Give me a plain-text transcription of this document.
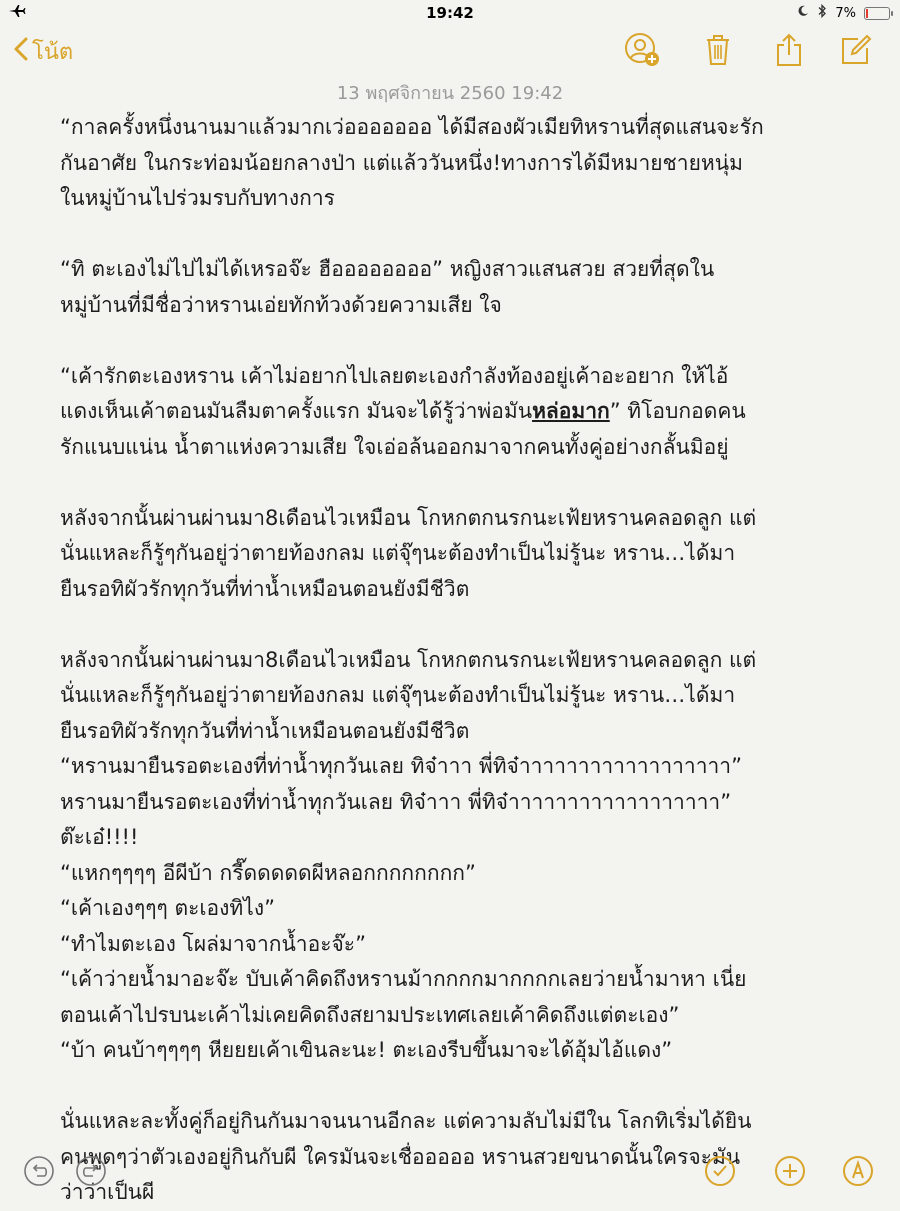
19:42	7%
โน้ต
13 พฤศจิกายน 2560 19:42

“กาลครั้งหนึ่งนานมาแล้วมากเว่อออออออ ได้มีสองผัวเมียทิหรานที่สุดแสนจะรัก

กันอาศัย ในกระท่อมน้อยกลางป่า แต่แล้ววันหนึ่ง!ทางการได้มีหมายชายหนุ่ม

ในหมู่บ้านไปร่วมรบกับทางการ

“ทิ ตะเองไม่ไปไม่ได้เหรอจ๊ะ ฮืออออออออ” หญิงสาวแสนสวย สวยที่สุดใน

หมู่บ้านที่มีชื่อว่าหรานเอ่ยทักท้วงด้วยความเสีย ใจ

“เค้ารักตะเองหราน เค้าไม่อยากไปเลยตะเองกำลังท้องอยู่เค้าอะอยาก ให้ไอ้

แดงเห็นเค้าตอนมันลืมตาครั้งแรก มันจะได้รู้ว่าพ่อมันหล่อมาก” ทิโอบกอดคน

รักแนบแน่น น้ำตาแห่งความเสีย ใจเอ่อล้นออกมาจากคนทั้งคู่อย่างกลั้นมิอยู่

หลังจากนั้นผ่านผ่านมา8เดือนไวเหมือน โกหกตกนรกนะเฟ้ยหรานคลอดลูก แต่

นั่นแหละก็รู้ๆกันอยู่ว่าตายท้องกลม แต่จุ๊ๆนะต้องทำเป็นไม่รู้นะ หราน…ได้มา

ยืนรอทิผัวรักทุกวันที่ท่าน้ำเหมือนตอนยังมีชีวิต

หลังจากนั้นผ่านผ่านมา8เดือนไวเหมือน โกหกตกนรกนะเฟ้ยหรานคลอดลูก แต่

นั่นแหละก็รู้ๆกันอยู่ว่าตายท้องกลม แต่จุ๊ๆนะต้องทำเป็นไม่รู้นะ หราน…ได้มา

ยืนรอทิผัวรักทุกวันที่ท่าน้ำเหมือนตอนยังมีชีวิต

“หรานมายืนรอตะเองที่ท่าน้ำทุกวันเลย ทิจ๋าาา พี่ทิจ๋าาาาาาาาาาาาาาาาาา”

หรานมายืนรอตะเองที่ท่าน้ำทุกวันเลย ทิจ๋าาา พี่ทิจ๋าาาาาาาาาาาาาาาาาา”

ต๊ะเอ๋!!!!

“แหกๆๆๆๆ อีผีบ้า กรี๊ดดดดดผีหลอกกกกกกกก”

“เค้าเองๆๆๆ ตะเองทิไง”

“ทำไมตะเอง โผล่มาจากน้ำอะจ๊ะ”

“เค้าว่ายน้ำมาอะจ๊ะ บับเค้าคิดถึงหรานม้ากกกกมากกกกเลยว่ายน้ำมาหา เนี่ย

ตอนเค้าไปรบนะเค้าไม่เคยคิดถึงสยามประเทศเลยเค้าคิดถึงแต่ตะเอง”

“บ้า คนบ้าๆๆๆๆ หียยยเค้าเขินละนะ! ตะเองรีบขึ้นมาจะได้อุ้มไอ้แดง”

นั่นแหละละทั้งคู่ก็อยู่กินกันมาจนนานอีกละ แต่ความลับไม่มีใน โลกทิเริ่มได้ยิน

คนพูดๆว่าตัวเองอยู่กินกับผี ใครมันจะเชื่อออออ หรานสวยขนาดนั้นใครจะมัน

ว่าว่าเป็นผี
